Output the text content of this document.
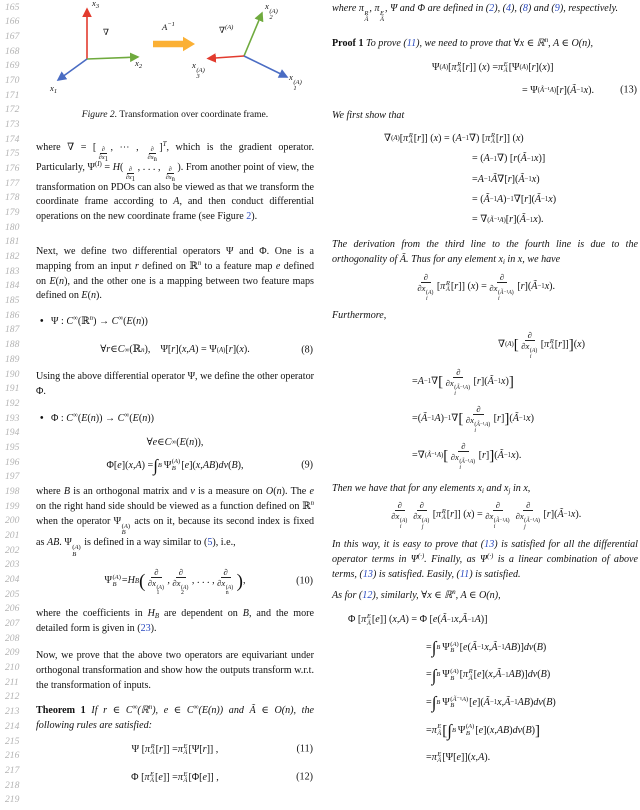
165
166
167
168
169
170
171
172
173
174
175
176
177
178
179
180
181
182
183
184
185
186
187
188
189
190
191
192
193
194
195
196
197
198
199
200
201
202
203
204
205
206
207
208
209
210
211
212
213
214
215
216
217
218
219
$x_3$
$x_2$
$x_1$
∇	$A^{-1}$
∇$^{(A)}$
x
(A)
2
x
(A)
3	x
(A)
1
Figure 2. Transformation over coordinate frame.
where ∇ = [ ∂
$\partial x_1$
, ⋯ , ∂
$\partial x_n$
]$^T$, which is the gradient operator. Particularly, $\Psi^{(I)} = H$( ∂
$\partial x_1$
, . . . , ∂
$\partial x_n$
). From another point of view, the transformation on PDOs can also be viewed as that we transform the coordinate frame according to A, and then conduct differential operations on the new coordinate frame (see Figure 2).
Next, we define two differential operators Ψ and Φ. One is a mapping from an input r defined on ℝ$^n$ to a feature map e defined on E(n), and the other one is a mapping between two feature maps defined on E(n).
• Ψ : C∞(ℝ$^n$) → C∞(E(n))
∀ r ∈ C ∞ (ℝ n ),    Ψ[ r ]( x , A ) = Ψ (A) [ r ]( x ).	(8)
Using the above differential operator Ψ, we define the other operator Φ.
• Φ : C∞(E(n)) → C∞(E(n))
∀ e ∈ C ∞ ( E ( n )),
Φ[ e ]( x , A ) = ∫ B Ψ (A)
B [ e ]( x , AB ) dν ( B ),	(9)
where B is an orthogonal matrix and ν is a measure on O(n). The e on the right hand side should be viewed as a function defined on ℝ$^n$ when the operator Ψ (A)
B
acts on it, because its second index is fixed as AB. Ψ (A)
B
is defined in a way similar to (5), i.e.,
Ψ (A)
B = H B (	∂
∂x (A)
1
,
∂
∂x (A)
2
, . . . ,
∂
∂x (A)
n
) ,	(10)
where the coefficients in $H_B$ are dependent on B, and the more detailed form is given in (23).
Now, we prove that the above two operators are equivariant under orthogonal transformation and show how the outputs transform w.r.t. the transformation of inputs.
Theorem 1 If r ∈ C∞(ℝ$^n$), e ∈ C∞(E(n)) and Ã ∈ O(n), the following rules are satisfied:
Ψ [ π R
Ã [ r ]] = π E
Ã [Ψ[ r ]] ,	(11)
Φ [ π E
Ã [ e ]] = π E
Ã [Φ[ e ]] ,	(12)
where π R
Ã
, π E
Ã
, Ψ and Φ are defined in (2), (4), (8) and (9), respectively.
Proof 1 To prove (11), we need to prove that ∀x ∈ ℝ$^n$, A ∈ O(n),
Ψ (A) [ π R
Ã [ r ]] ( x ) = π E
Ã [Ψ (A) [ r ]( x )]
= Ψ (Ã⁻¹A) [ r ]( Ã −1 x ).	(13)
We first show that
∇ (A) [ π R
Ã [ r ]] ( x ) = ( A −1 ∇) [ π R
Ã [ r ]] ( x )
= ( A −1 ∇) [ r ( Ã −1 x )]
= A −1 Ã ∇[ r ]( Ã −1 x )
= ( Ã −1 A ) −1 ∇[ r ]( Ã −1 x )
= ∇ (Ã⁻¹A) [ r ]( Ã −1 x ).
The derivation from the third line to the fourth line is due to the orthogonality of Ã. Thus for any element $x_i$ in x, we have
∂
∂x (A)
i
[ π R
Ã [ r ]] ( x ) =
∂
∂x (Ã⁻¹A)
i
[ r ]( Ã −1 x ).
Furthermore,
∇ (A) [
∂
∂x (A)
i
[ π R
Ã [ r ]] ] ( x )
= A −1 ∇ [
∂
∂x (Ã⁻¹A)
i
[ r ]( Ã −1 x ) ]
=( Ã −1 A ) −1 ∇ [
∂
∂x (Ã⁻¹A)
i
[ r ] ] ( Ã −1 x )
=∇ (Ã⁻¹A) [
∂
∂x (Ã⁻¹A)
i
[ r ] ] ( Ã −1 x ).
Then we have that for any elements $x_i$ and $x_j$ in x,
∂
∂x (A)
i
∂
∂x (A)
j
[ π R
Ã [ r ]] ( x ) =
∂
∂x (Ã⁻¹A)
i
∂
∂x (Ã⁻¹A)
j
[ r ]( Ã −1 x ).
In this way, it is easy to prove that (13) is satisfied for all the differential operator terms in Ψ(·). Finally, as Ψ(·) is a linear combination of above terms, (13) is satisfied. Easily, (11) is satisfied.
As for (12), similarly, ∀x ∈ ℝ$^n$, A ∈ O(n),
Φ [ π E
Ã [ e ]] ( x , A ) = Φ [ e ( Ã −1 x , Ã −1 A )]
= ∫ B Ψ (A)
B [ e ( Ã −1 x , Ã −1 AB )] dν ( B )
= ∫ B Ψ (A)
B [ π R
Ã [ e ]( x , Ã −1 AB )] dν ( B )
= ∫ B Ψ (Ã⁻¹A)
B [ e ]( Ã −1 x , Ã −1 AB ) dν ( B )
= π E
Ã [ ∫ B Ψ (A)
B [ e ]( x , AB ) dν ( B ) ]
= π E
Ã [Ψ[ e ]]( x , A ).
